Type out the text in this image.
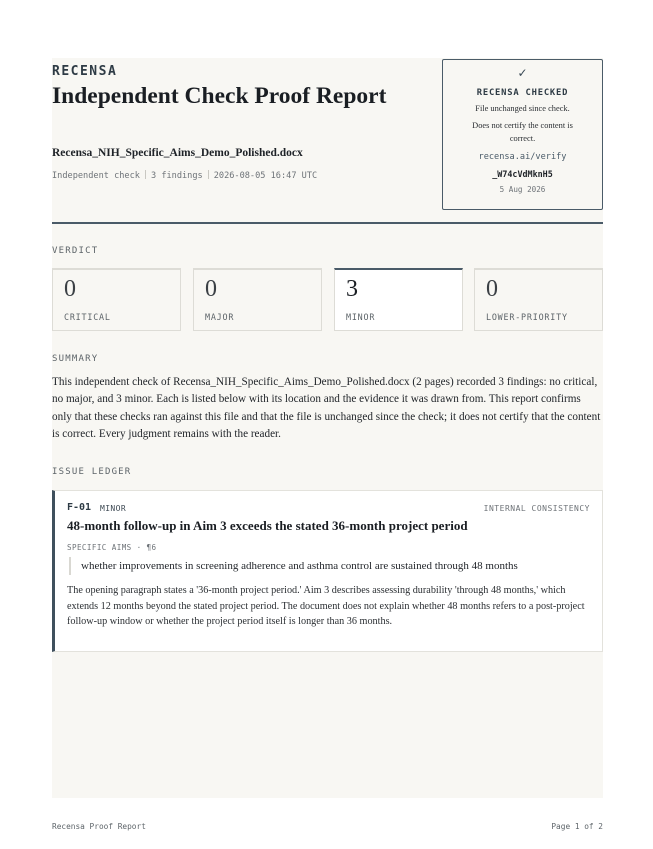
RECENSA
Independent Check Proof Report
Recensa_NIH_Specific_Aims_Demo_Polished.docx
Independent check 3 findings 2026-08-05 16:47 UTC
✓
RECENSA CHECKED
File unchanged since check.
Does not certify the content is correct.
recensa.ai/verify
_W74cVdMknH5
5 Aug 2026
VERDICT
0
CRITICAL
0
MAJOR
3
MINOR
0
LOWER-PRIORITY
SUMMARY

This independent check of Recensa_NIH_Specific_Aims_Demo_Polished.docx (2 pages) recorded 3 findings: no critical, no major, and 3 minor. Each is listed below with its location and the evidence it was drawn from. This report confirms only that these checks ran against this file and that the file is unchanged since the check; it does not certify that the content is correct. Every judgment remains with the reader.

ISSUE LEDGER
F-01 MINOR	INTERNAL CONSISTENCY
48-month follow-up in Aim 3 exceeds the stated 36-month project period
SPECIFIC AIMS · ¶6
whether improvements in screening adherence and asthma control are sustained through 48 months

The opening paragraph states a '36-month project period.' Aim 3 describes assessing durability 'through 48 months,' which extends 12 months beyond the stated project period. The document does not explain whether 48 months refers to a post-project follow-up window or whether the project period itself is longer than 36 months.

Recensa Proof Report	Page 1 of 2
